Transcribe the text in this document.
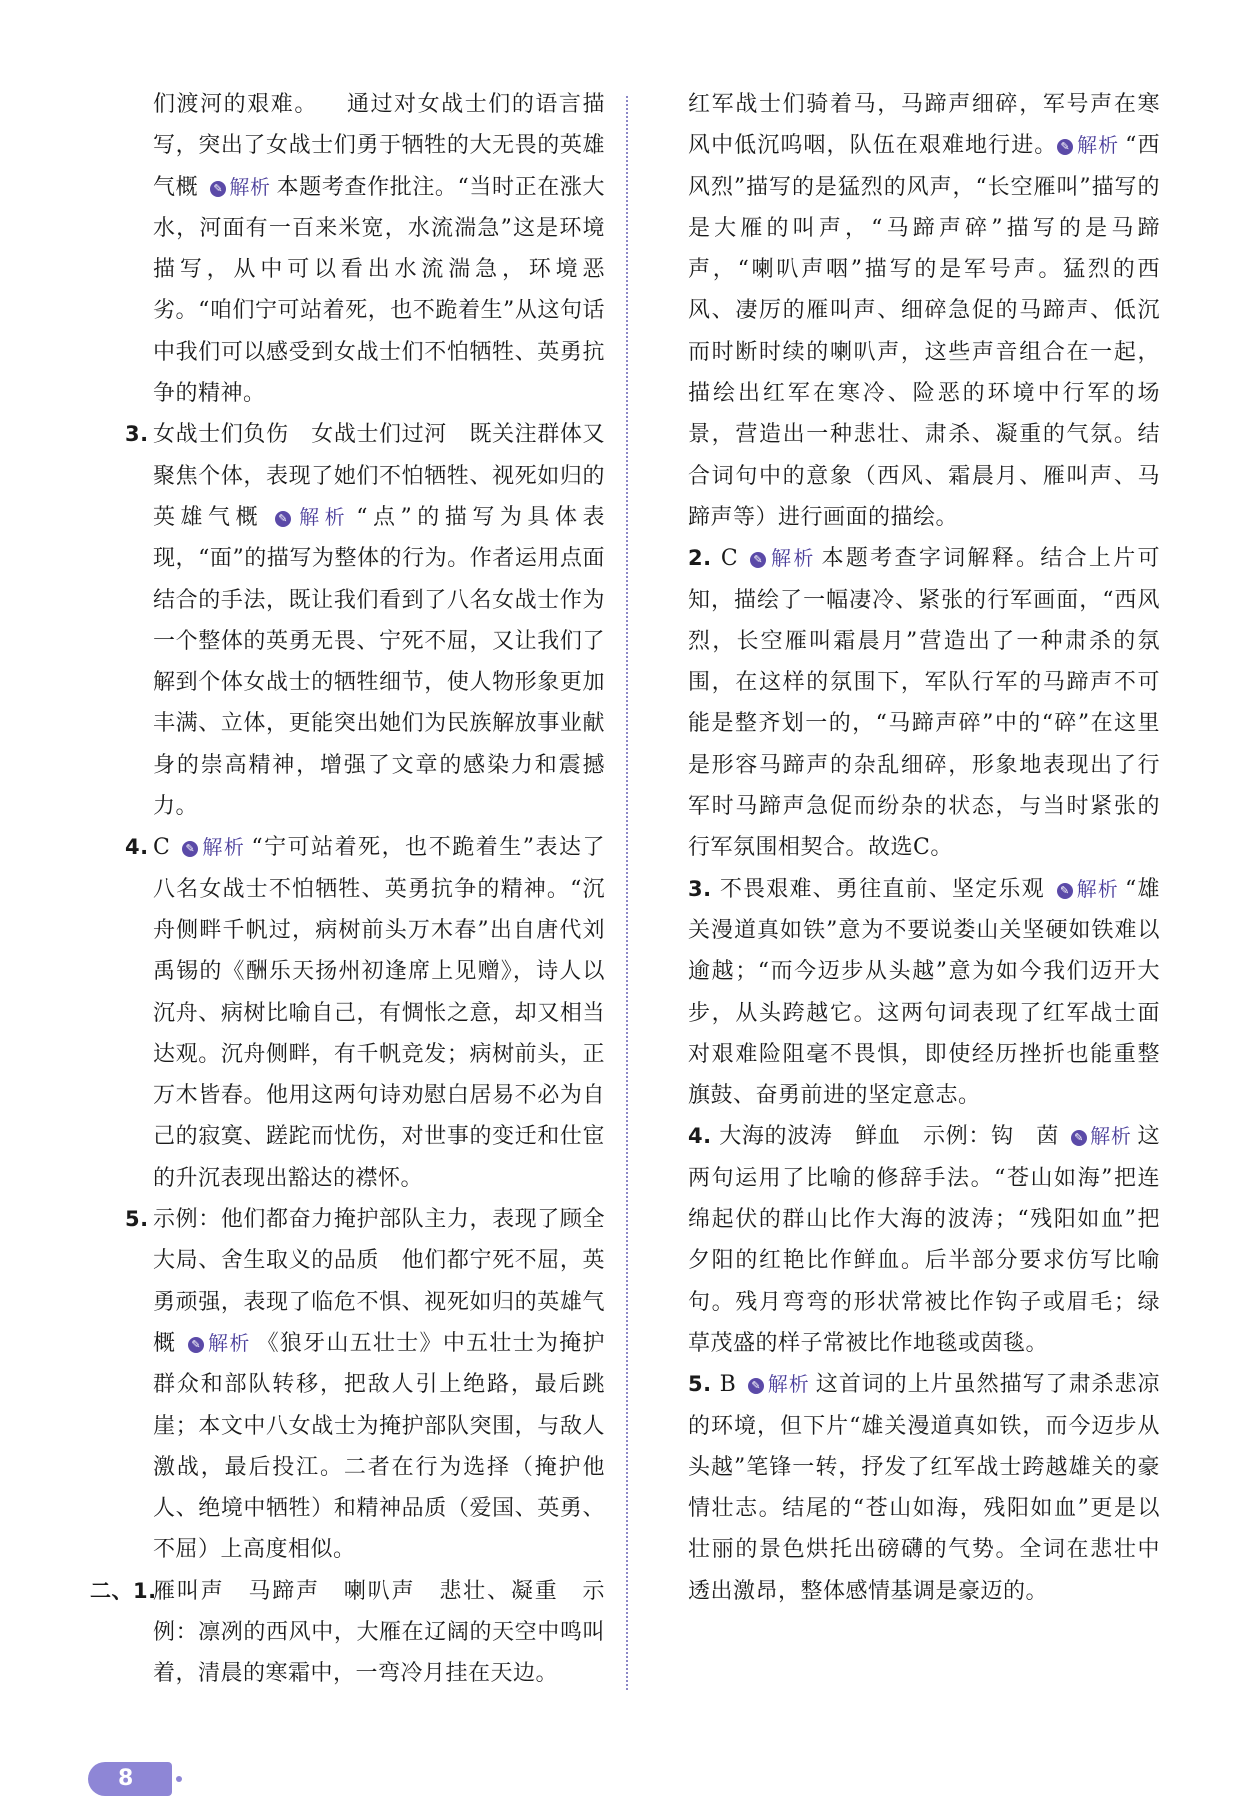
们渡河的艰难。 通过对女战士们的语言描写，突出了女战士们勇于牺牲的大无畏的英雄气概 ✎ 解析 本题考查作批注。“当时正在涨大水，河面有一百来米宽，水流湍急”这是环境描写，从中可以看出水流湍急，环境恶劣。“咱们宁可站着死，也不跪着生”从这句话中我们可以感受到女战士们不怕牺牲、英勇抗争的精神。
3. 女战士们负伤　女战士们过河　既关注群体又聚焦个体，表现了她们不怕牺牲、视死如归的英雄气概 ✎ 解析 “点”的描写为具体表现，“面”的描写为整体的行为。作者运用点面结合的手法，既让我们看到了八名女战士作为一个整体的英勇无畏、宁死不屈，又让我们了解到个体女战士的牺牲细节，使人物形象更加丰满、立体，更能突出她们为民族解放事业献身的崇高精神，增强了文章的感染力和震撼力。
4. C ✎ 解析 “宁可站着死，也不跪着生”表达了八名女战士不怕牺牲、英勇抗争的精神。“沉舟侧畔千帆过，病树前头万木春”出自唐代刘禹锡的《酬乐天扬州初逢席上见赠》，诗人以沉舟、病树比喻自己，有惆怅之意，却又相当达观。沉舟侧畔，有千帆竞发；病树前头，正万木皆春。他用这两句诗劝慰白居易不必为自己的寂寞、蹉跎而忧伤，对世事的变迁和仕宦的升沉表现出豁达的襟怀。
5. 示例：他们都奋力掩护部队主力，表现了顾全大局、舍生取义的品质　他们都宁死不屈，英勇顽强，表现了临危不惧、视死如归的英雄气概 ✎ 解析 《狼牙山五壮士》中五壮士为掩护群众和部队转移，把敌人引上绝路，最后跳崖；本文中八女战士为掩护部队突围，与敌人激战，最后投江。二者在行为选择（掩护他人、绝境中牺牲）和精神品质（爱国、英勇、不屈）上高度相似。
二、1.
雁叫声　马蹄声　喇叭声　悲壮、凝重　示例：凛冽的西风中，大雁在辽阔的天空中鸣叫着，清晨的寒霜中，一弯冷月挂在天边。
红军战士们骑着马，马蹄声细碎，军号声在寒风中低沉呜咽，队伍在艰难地行进。 ✎ 解析 “西风烈”描写的是猛烈的风声，“长空雁叫”描写的是大雁的叫声，“马蹄声碎”描写的是马蹄声，“喇叭声咽”描写的是军号声。猛烈的西风、凄厉的雁叫声、细碎急促的马蹄声、低沉而时断时续的喇叭声，这些声音组合在一起，描绘出红军在寒冷、险恶的环境中行军的场景，营造出一种悲壮、肃杀、凝重的气氛。结合词句中的意象（西风、霜晨月、雁叫声、马蹄声等）进行画面的描绘。
2. C ✎ 解析 本题考查字词解释。结合上片可知，描绘了一幅凄冷、紧张的行军画面，“西风烈，长空雁叫霜晨月”营造出了一种肃杀的氛围，在这样的氛围下，军队行军的马蹄声不可能是整齐划一的，“马蹄声碎”中的“碎”在这里是形容马蹄声的杂乱细碎，形象地表现出了行军时马蹄声急促而纷杂的状态，与当时紧张的行军氛围相契合。故选C。
3. 不畏艰难、勇往直前、坚定乐观 ✎ 解析 “雄关漫道真如铁”意为不要说娄山关坚硬如铁难以逾越；“而今迈步从头越”意为如今我们迈开大步，从头跨越它。这两句词表现了红军战士面对艰难险阻毫不畏惧，即使经历挫折也能重整旗鼓、奋勇前进的坚定意志。
4. 大海的波涛　鲜血　示例：钩　茵 ✎ 解析 这两句运用了比喻的修辞手法。“苍山如海”把连绵起伏的群山比作大海的波涛；“残阳如血”把夕阳的红艳比作鲜血。后半部分要求仿写比喻句。残月弯弯的形状常被比作钩子或眉毛；绿草茂盛的样子常被比作地毯或茵毯。
5. B ✎ 解析 这首词的上片虽然描写了肃杀悲凉的环境，但下片“雄关漫道真如铁，而今迈步从头越”笔锋一转，抒发了红军战士跨越雄关的豪情壮志。结尾的“苍山如海，残阳如血”更是以壮丽的景色烘托出磅礴的气势。全词在悲壮中透出激昂，整体感情基调是豪迈的。
8
